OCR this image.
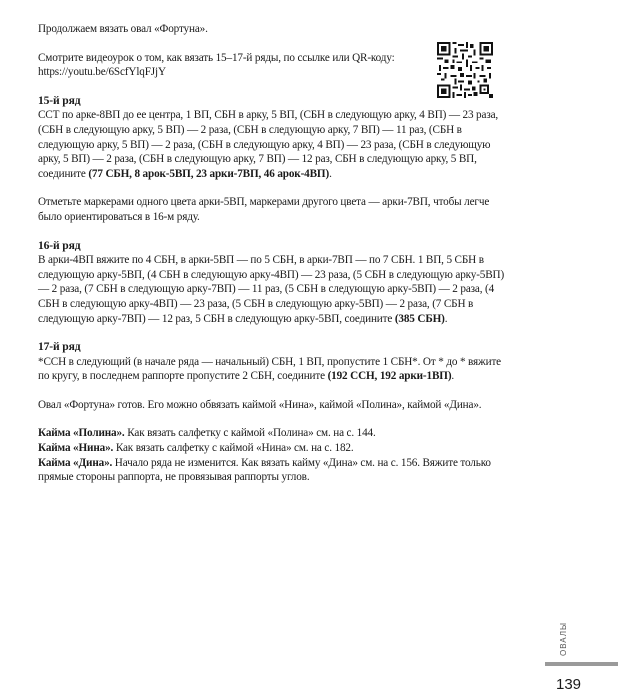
Продолжаем вязать овал «Фортуна».

Смотрите видеоурок о том, как вязать 15–17-й ряды, по ссылке или QR-коду:
https://youtu.be/6ScfYlqFJjY

15-й ряд

ССТ по арке-8ВП до ее центра, 1 ВП, СБН в арку, 5 ВП, (СБН в следующую арку, 4 ВП) — 23 раза, (СБН в следующую арку, 5 ВП) — 2 раза, (СБН в следующую арку, 7 ВП) — 11 раз, (СБН в следующую арку, 5 ВП) — 2 раза, (СБН в следующую арку, 4 ВП) — 23 раза, (СБН в следующую арку, 5 ВП) — 2 раза, (СБН в следующую арку, 7 ВП) — 12 раз, СБН в следующую арку, 5 ВП, соедините (77 СБН, 8 арок-5ВП, 23 арки-7ВП, 46 арок-4ВП).

Отметьте маркерами одного цвета арки-5ВП, маркерами другого цвета — арки-7ВП, чтобы легче было ориентироваться в 16-м ряду.

16-й ряд

В арки-4ВП вяжите по 4 СБН, в арки-5ВП — по 5 СБН, в арки-7ВП — по 7 СБН. 1 ВП, 5 СБН в следующую арку-5ВП, (4 СБН в следующую арку-4ВП) — 23 раза, (5 СБН в следующую арку-5ВП) — 2 раза, (7 СБН в следующую арку-7ВП) — 11 раз, (5 СБН в следующую арку-5ВП) — 2 раза, (4 СБН в следующую арку-4ВП) — 23 раза, (5 СБН в следующую арку-5ВП) — 2 раза, (7 СБН в следующую арку-7ВП) — 12 раз, 5 СБН в следующую арку-5ВП, соедините (385 СБН).

17-й ряд

*ССН в следующий (в начале ряда — начальный) СБН, 1 ВП, пропустите 1 СБН*. От * до * вяжите по кругу, в последнем раппорте пропустите 2 СБН, соедините (192 ССН, 192 арки-1ВП).

Овал «Фортуна» готов. Его можно обвязать каймой «Нина», каймой «Полина», каймой «Дина».

Кайма «Полина». Как вязать салфетку с каймой «Полина» см. на с. 144.

Кайма «Нина». Как вязать салфетку с каймой «Нина» см. на с. 182.

Кайма «Дина». Начало ряда не изменится. Как вязать кайму «Дина» см. на с. 156. Вяжите только прямые стороны раппорта, не провязывая раппорты углов.

ОВАЛЫ
139
